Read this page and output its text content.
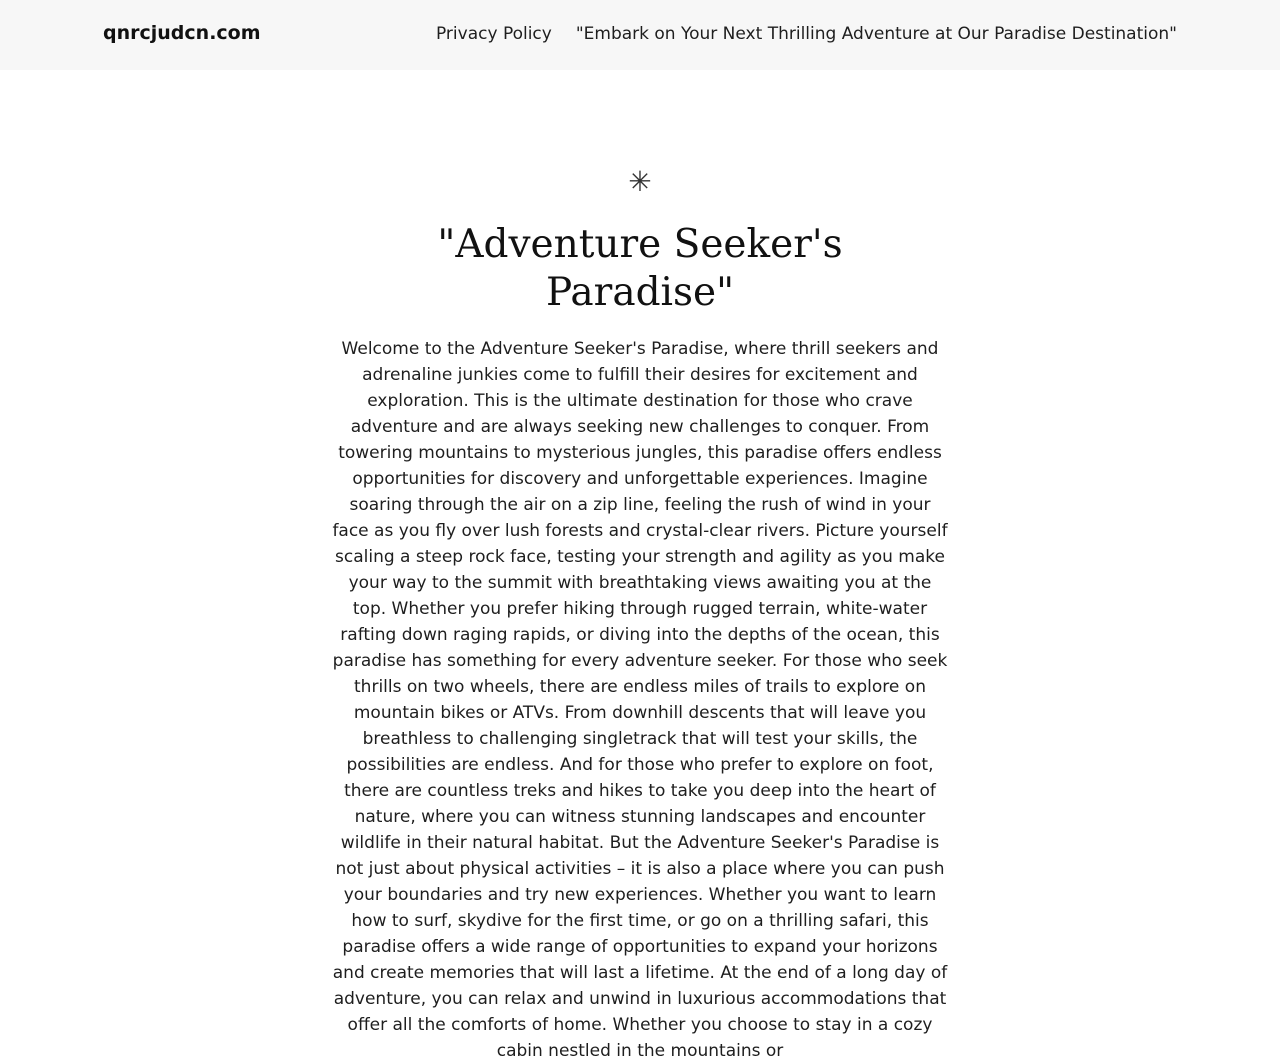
qnrcjudcn.com	Privacy Policy "Embark on Your Next Thrilling Adventure at Our Paradise Destination"
✳
"Adventure Seeker's Paradise"

Welcome to the Adventure Seeker's Paradise, where thrill seekers and adrenaline junkies come to fulfill their desires for excitement and exploration. This is the ultimate destination for those who crave adventure and are always seeking new challenges to conquer. From towering mountains to mysterious jungles, this paradise offers endless opportunities for discovery and unforgettable experiences. Imagine soaring through the air on a zip line, feeling the rush of wind in your face as you fly over lush forests and crystal-clear rivers. Picture yourself scaling a steep rock face, testing your strength and agility as you make your way to the summit with breathtaking views awaiting you at the top. Whether you prefer hiking through rugged terrain, white-water rafting down raging rapids, or diving into the depths of the ocean, this paradise has something for every adventure seeker. For those who seek thrills on two wheels, there are endless miles of trails to explore on mountain bikes or ATVs. From downhill descents that will leave you breathless to challenging singletrack that will test your skills, the possibilities are endless. And for those who prefer to explore on foot, there are countless treks and hikes to take you deep into the heart of nature, where you can witness stunning landscapes and encounter wildlife in their natural habitat. But the Adventure Seeker's Paradise is not just about physical activities – it is also a place where you can push your boundaries and try new experiences. Whether you want to learn how to surf, skydive for the first time, or go on a thrilling safari, this paradise offers a wide range of opportunities to expand your horizons and create memories that will last a lifetime. At the end of a long day of adventure, you can relax and unwind in luxurious accommodations that offer all the comforts of home. Whether you choose to stay in a cozy cabin nestled in the mountains or
